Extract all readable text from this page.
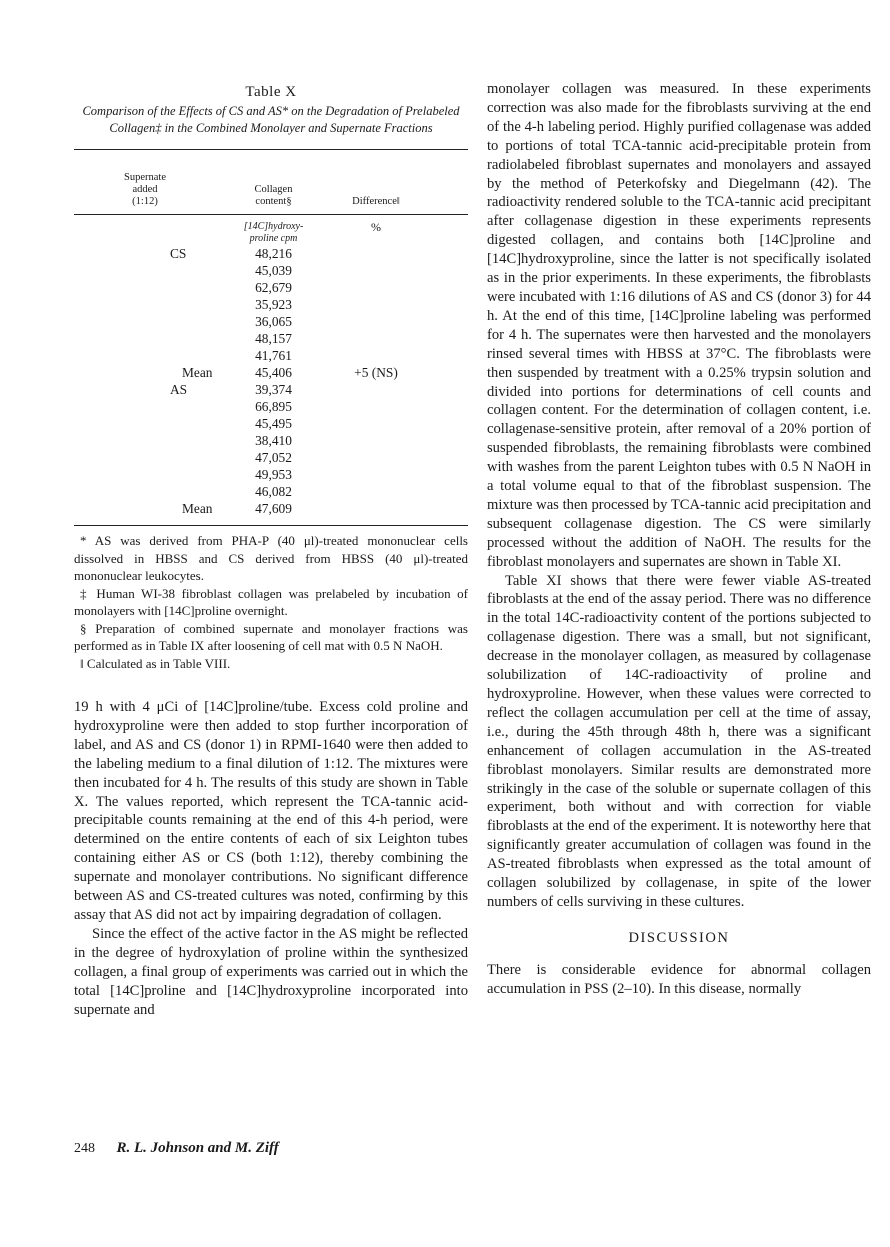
Table X
Comparison of the Effects of CS and AS* on the Degradation of Prelabeled Collagen‡ in the Combined Monolayer and Supernate Fractions
Supernate
added
(1:12)
Collagen
content§	Difference‖
[14C]hydroxy-
proline cpm
%
CS	48,216
45,039
62,679
35,923
36,065
48,157
41,761
Mean	45,406	+5 (NS)
AS	39,374
66,895
45,495
38,410
47,052
49,953
46,082
Mean	47,609

* AS was derived from PHA-P (40 μl)-treated mononuclear cells dissolved in HBSS and CS derived from HBSS (40 μl)-treated mononuclear leukocytes.

‡ Human WI-38 fibroblast collagen was prelabeled by incubation of monolayers with [14C]proline overnight.

§ Preparation of combined supernate and monolayer fractions was performed as in Table IX after loosening of cell mat with 0.5 N NaOH.

‖ Calculated as in Table VIII.

19 h with 4 μCi of [14C]proline/tube. Excess cold proline and hydroxyproline were then added to stop further incorporation of label, and AS and CS (donor 1) in RPMI-1640 were then added to the labeling medium to a final dilution of 1:12. The mixtures were then incubated for 4 h. The results of this study are shown in Table X. The values reported, which represent the TCA-tannic acid-precipitable counts remaining at the end of this 4-h period, were determined on the entire contents of each of six Leighton tubes containing either AS or CS (both 1:12), thereby combining the supernate and monolayer contributions. No significant difference between AS and CS-treated cultures was noted, confirming by this assay that AS did not act by impairing degradation of collagen.

Since the effect of the active factor in the AS might be reflected in the degree of hydroxylation of proline within the synthesized collagen, a final group of experiments was carried out in which the total [14C]proline and [14C]hydroxyproline incorporated into supernate and

monolayer collagen was measured. In these experiments correction was also made for the fibroblasts surviving at the end of the 4-h labeling period. Highly purified collagenase was added to portions of total TCA-tannic acid-precipitable protein from radiolabeled fibroblast supernates and monolayers and assayed by the method of Peterkofsky and Diegelmann (42). The radioactivity rendered soluble to the TCA-tannic acid precipitant after collagenase digestion in these experiments represents digested collagen, and contains both [14C]proline and [14C]hydroxyproline, since the latter is not specifically isolated as in the prior experiments. In these experiments, the fibroblasts were incubated with 1:16 dilutions of AS and CS (donor 3) for 44 h. At the end of this time, [14C]proline labeling was performed for 4 h. The supernates were then harvested and the monolayers rinsed several times with HBSS at 37°C. The fibroblasts were then suspended by treatment with a 0.25% trypsin solution and divided into portions for determinations of cell counts and collagen content. For the determination of collagen content, i.e. collagenase-sensitive protein, after removal of a 20% portion of suspended fibroblasts, the remaining fibroblasts were combined with washes from the parent Leighton tubes with 0.5 N NaOH in a total volume equal to that of the fibroblast suspension. The mixture was then processed by TCA-tannic acid precipitation and subsequent collagenase digestion. The CS were similarly processed without the addition of NaOH. The results for the fibroblast monolayers and supernates are shown in Table XI.

Table XI shows that there were fewer viable AS-treated fibroblasts at the end of the assay period. There was no difference in the total 14C-radioactivity content of the portions subjected to collagenase digestion. There was a small, but not significant, decrease in the monolayer collagen, as measured by collagenase solubilization of 14C-radioactivity of proline and hydroxyproline. However, when these values were corrected to reflect the collagen accumulation per cell at the time of assay, i.e., during the 45th through 48th h, there was a significant enhancement of collagen accumulation in the AS-treated fibroblast monolayers. Similar results are demonstrated more strikingly in the case of the soluble or supernate collagen of this experiment, both without and with correction for viable fibroblasts at the end of the experiment. It is noteworthy here that significantly greater accumulation of collagen was found in the AS-treated fibroblasts when expressed as the total amount of collagen solubilized by collagenase, in spite of the lower numbers of cells surviving in these cultures.

DISCUSSION

There is considerable evidence for abnormal collagen accumulation in PSS (2–10). In this disease, normally

248 R. L. Johnson and M. Ziff
